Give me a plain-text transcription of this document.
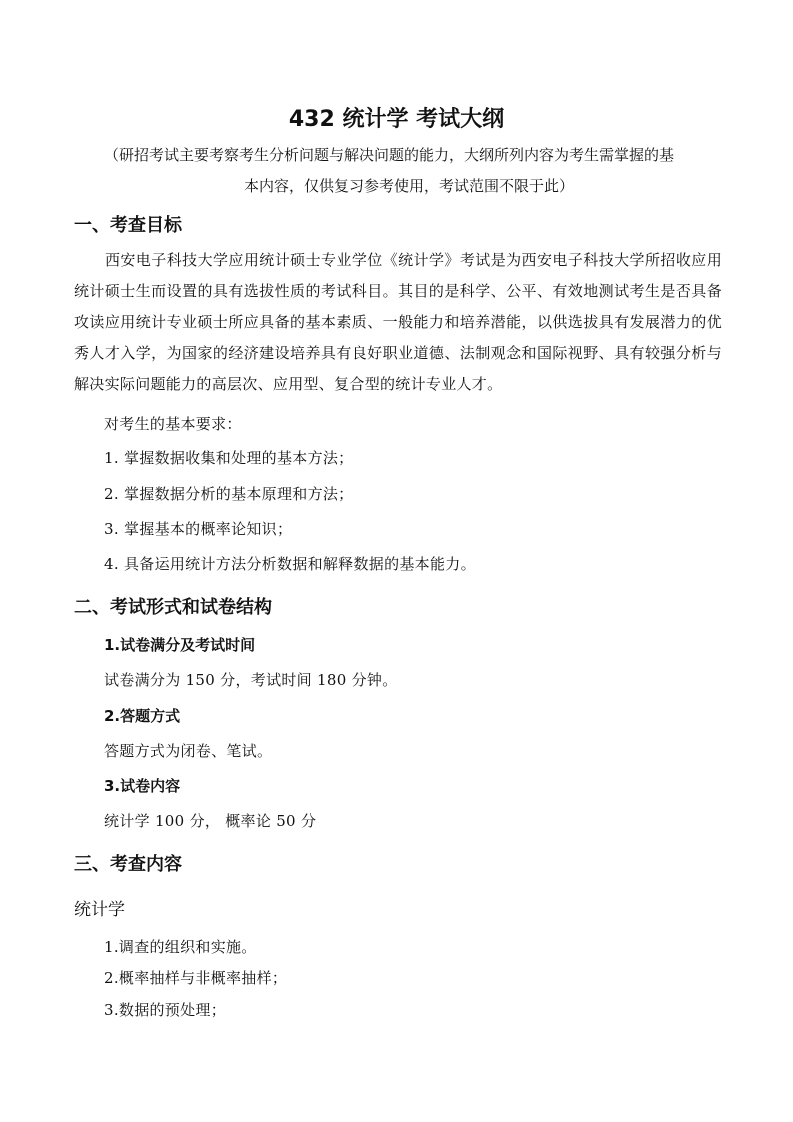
432 统计学 考试大纲
（研招考试主要考察考生分析问题与解决问题的能力，大纲所列内容为考生需掌握的基
本内容，仅供复习参考使用，考试范围不限于此）
一、考查目标
西安电子科技大学应用统计硕士专业学位《统计学》考试是为西安电子科技大学所招收应用统计硕士生而设置的具有选拔性质的考试科目。其目的是科学、公平、有效地测试考生是否具备攻读应用统计专业硕士所应具备的基本素质、一般能力和培养潜能，以供选拔具有发展潜力的优秀人才入学，为国家的经济建设培养具有良好职业道德、法制观念和国际视野、具有较强分析与解决实际问题能力的高层次、应用型、复合型的统计专业人才。
对考生的基本要求：
1. 掌握数据收集和处理的基本方法；
2. 掌握数据分析的基本原理和方法；
3. 掌握基本的概率论知识；
4. 具备运用统计方法分析数据和解释数据的基本能力。
二、考试形式和试卷结构
1.试卷满分及考试时间
试卷满分为 150 分，考试时间 180 分钟。
2.答题方式
答题方式为闭卷、笔试。
3.试卷内容
统计学 100 分， 概率论 50 分
三、考查内容
统计学
1.调查的组织和实施。
2.概率抽样与非概率抽样；
3.数据的预处理；
